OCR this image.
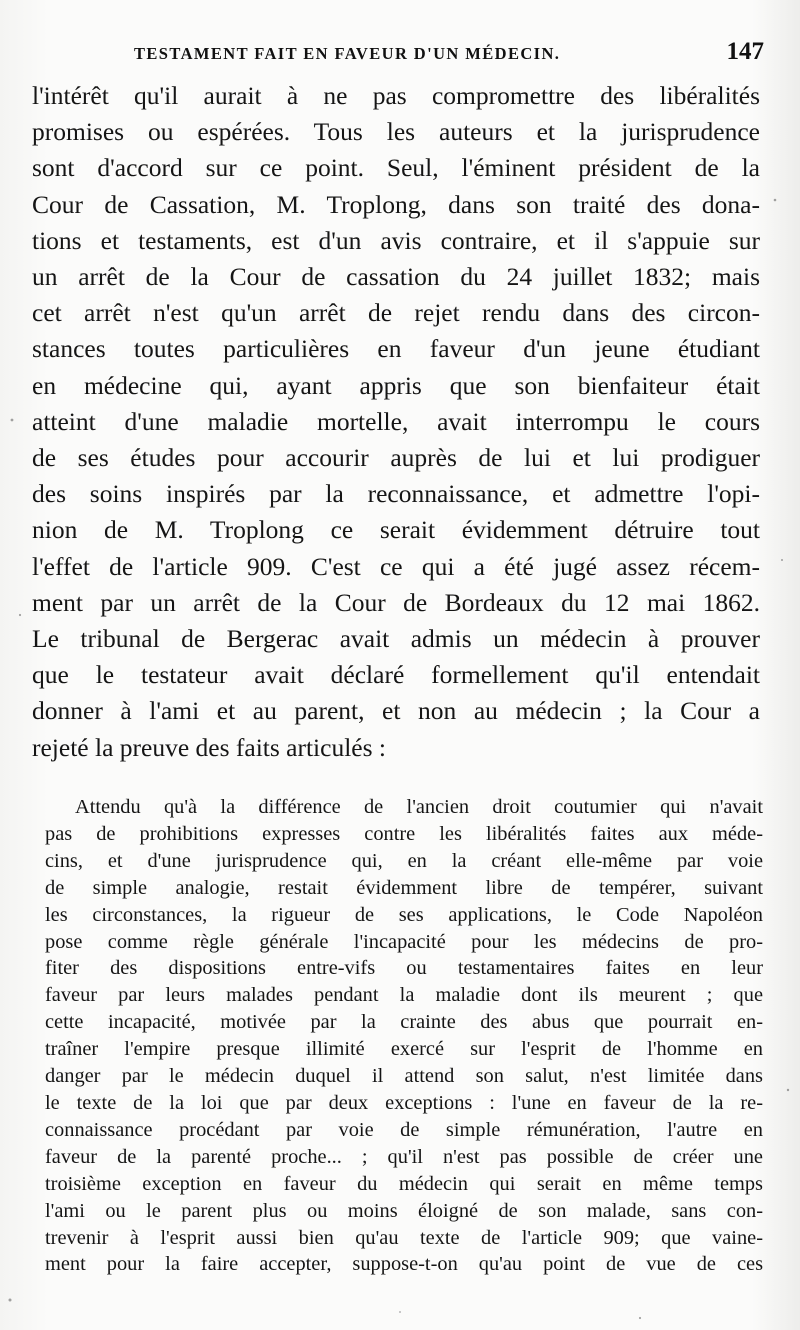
TESTAMENT FAIT EN FAVEUR D'UN MÉDECIN.	147
l'intérêt qu'il aurait à ne pas compromettre des libéralités
promises ou espérées. Tous les auteurs et la jurisprudence
sont d'accord sur ce point. Seul, l'éminent président de la
Cour de Cassation, M. Troplong, dans son traité des dona-
tions et testaments, est d'un avis contraire, et il s'appuie sur
un arrêt de la Cour de cassation du 24 juillet 1832; mais
cet arrêt n'est qu'un arrêt de rejet rendu dans des circon-
stances toutes particulières en faveur d'un jeune étudiant
en médecine qui, ayant appris que son bienfaiteur était
atteint d'une maladie mortelle, avait interrompu le cours
de ses études pour accourir auprès de lui et lui prodiguer
des soins inspirés par la reconnaissance, et admettre l'opi-
nion de M. Troplong ce serait évidemment détruire tout
l'effet de l'article 909. C'est ce qui a été jugé assez récem-
ment par un arrêt de la Cour de Bordeaux du 12 mai 1862.
Le tribunal de Bergerac avait admis un médecin à prouver
que le testateur avait déclaré formellement qu'il entendait
donner à l'ami et au parent, et non au médecin ; la Cour a
rejeté la preuve des faits articulés :
Attendu qu'à la différence de l'ancien droit coutumier qui n'avait
pas de prohibitions expresses contre les libéralités faites aux méde-
cins, et d'une jurisprudence qui, en la créant elle-même par voie
de simple analogie, restait évidemment libre de tempérer, suivant
les circonstances, la rigueur de ses applications, le Code Napoléon
pose comme règle générale l'incapacité pour les médecins de pro-
fiter des dispositions entre-vifs ou testamentaires faites en leur
faveur par leurs malades pendant la maladie dont ils meurent ; que
cette incapacité, motivée par la crainte des abus que pourrait en-
traîner l'empire presque illimité exercé sur l'esprit de l'homme en
danger par le médecin duquel il attend son salut, n'est limitée dans
le texte de la loi que par deux exceptions : l'une en faveur de la re-
connaissance procédant par voie de simple rémunération, l'autre en
faveur de la parenté proche... ; qu'il n'est pas possible de créer une
troisième exception en faveur du médecin qui serait en même temps
l'ami ou le parent plus ou moins éloigné de son malade, sans con-
trevenir à l'esprit aussi bien qu'au texte de l'article 909; que vaine-
ment pour la faire accepter, suppose-t-on qu'au point de vue de ces
